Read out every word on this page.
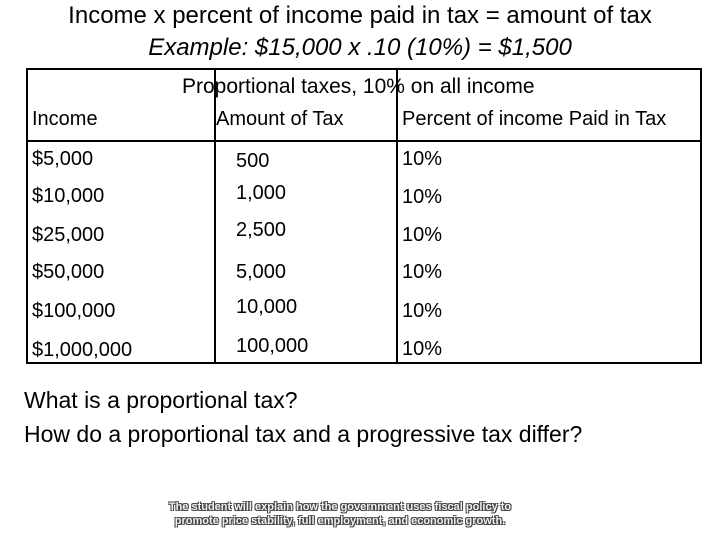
Income x percent of income paid in tax = amount of tax
Example: $15,000 x .10 (10%) = $1,500
Proportional taxes, 10% on all income
Income	Amount of Tax	Percent of income Paid in Tax
$5,000	500	10%
$10,000	1,000	10%
$25,000	2,500	10%
$50,000	5,000	10%
$100,000	10,000	10%
$1,000,000	100,000	10%
What is a proportional tax?
How do a proportional tax and a progressive tax differ?
The student will explain how the government uses fiscal policy to
promote price stability, full employment, and economic growth.
